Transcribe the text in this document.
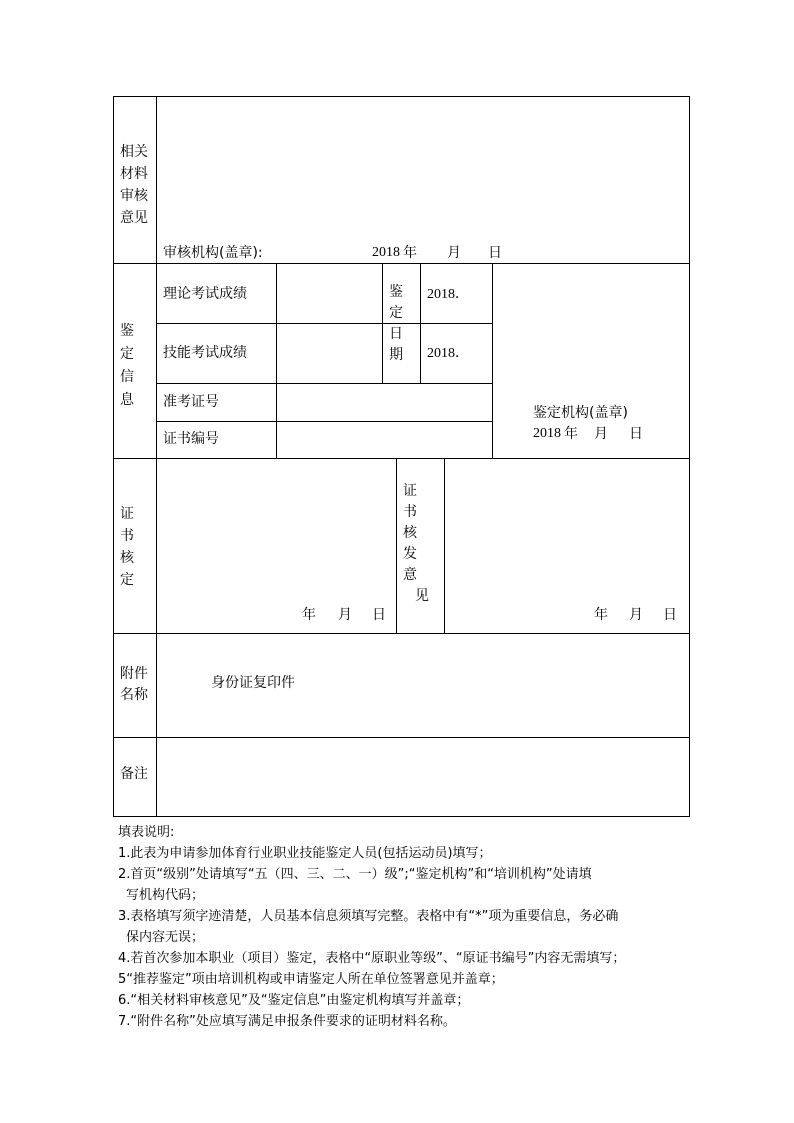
相关
材料
审核
意见
审核机构(盖章):	2018 年 月 日
鉴
定
信
息
理论考试成绩
技能考试成绩
鉴
定
日
期
2018．
2018．
准考证号
证书编号
鉴定机构(盖章)
2018 年 月 日
证
书
核
定
年 月 日
证
书
核
发
意
见
年 月 日
附件
名称
身份证复印件
备注
填表说明:
1.此表为申请参加体育行业职业技能鉴定人员(包括运动员)填写；
2.首页“级别”处请填写“五（四、三、二、一）级”;“鉴定机构”和“培训机构”处请填
写机构代码；
3.表格填写须字迹清楚，人员基本信息须填写完整。表格中有“*”项为重要信息，务必确
保内容无误；
4.若首次参加本职业（项目）鉴定，表格中“原职业等级”、“原证书编号”内容无需填写；
5“推荐鉴定”项由培训机构或申请鉴定人所在单位签署意见并盖章；
6.“相关材料审核意见”及“鉴定信息”由鉴定机构填写并盖章；
7.“附件名称”处应填写满足申报条件要求的证明材料名称。
